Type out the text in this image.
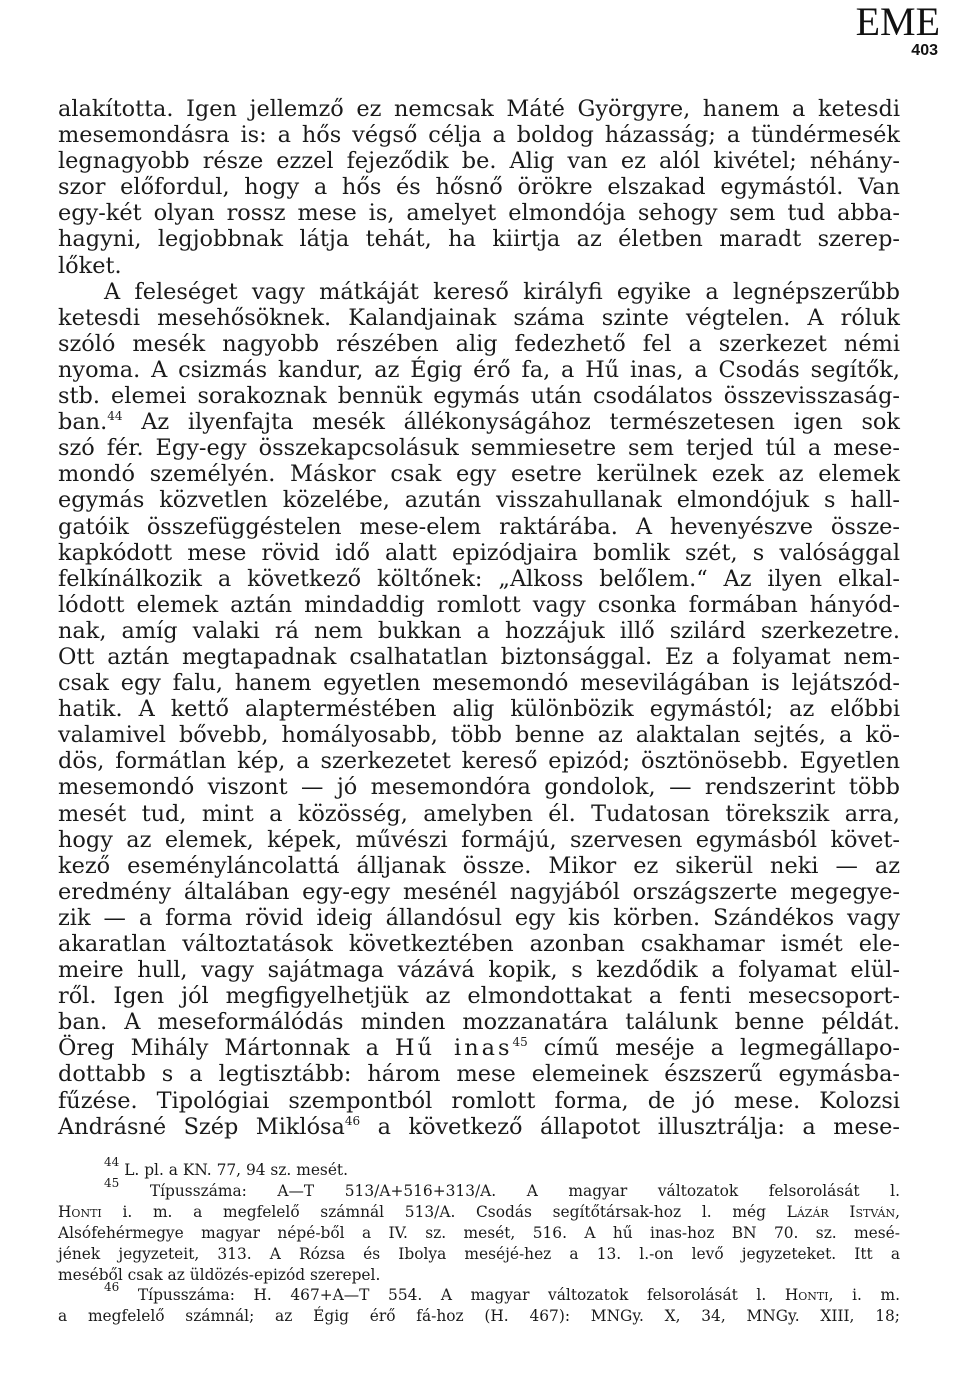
EME
403

alakította. Igen jellemző ez nemcsak Máté Györgyre, hanem a ketesdi

mesemondásra is: a hős végső célja a boldog házasság; a tündérmesék

legnagyobb része ezzel fejeződik be. Alig van ez alól kivétel; néhány-

szor előfordul, hogy a hős és hősnő örökre elszakad egymástól. Van

egy-két olyan rossz mese is, amelyet elmondója sehogy sem tud abba-

hagyni, legjobbnak látja tehát, ha kiirtja az életben maradt szerep-

lőket.

A feleséget vagy mátkáját kereső királyfi egyike a legnépszerűbb

ketesdi mesehősöknek. Kalandjainak száma szinte végtelen. A róluk

szóló mesék nagyobb részében alig fedezhető fel a szerkezet némi

nyoma. A csizmás kandur, az Égig érő fa, a Hű inas, a Csodás segítők,

stb. elemei sorakoznak bennük egymás után csodálatos összevisszaság-

ban.$^{44}$ Az ilyenfajta mesék állékonyságához természetesen igen sok

szó fér. Egy-egy összekapcsolásuk semmiesetre sem terjed túl a mese-

mondó személyén. Máskor csak egy esetre kerülnek ezek az elemek

egymás közvetlen közelébe, azután visszahullanak elmondójuk s hall-

gatóik összefüggéstelen mese-elem raktárába. A hevenyészve össze-

kapkódott mese rövid idő alatt epizódjaira bomlik szét, s valósággal

felkínálkozik a következő költőnek: „Alkoss belőlem.“ Az ilyen elkal-

lódott elemek aztán mindaddig romlott vagy csonka formában hányód-

nak, amíg valaki rá nem bukkan a hozzájuk illő szilárd szerkezetre.

Ott aztán megtapadnak csalhatatlan biztonsággal. Ez a folyamat nem-

csak egy falu, hanem egyetlen mesemondó mesevilágában is lejátszód-

hatik. A kettő alapterméstében alig különbözik egymástól; az előbbi

valamivel bővebb, homályosabb, több benne az alaktalan sejtés, a kö-

dös, formátlan kép, a szerkezetet kereső epizód; ösztönösebb. Egyetlen

mesemondó viszont — jó mesemondóra gondolok, — rendszerint több

mesét tud, mint a közösség, amelyben él. Tudatosan törekszik arra,

hogy az elemek, képek, művészi formájú, szervesen egymásból követ-

kező eseményláncolattá álljanak össze. Mikor ez sikerül neki — az

eredmény általában egy-egy mesénél nagyjából országszerte megegye-

zik — a forma rövid ideig állandósul egy kis körben. Szándékos vagy

akaratlan változtatások következtében azonban csakhamar ismét ele-

meire hull, vagy sajátmaga vázává kopik, s kezdődik a folyamat elül-

ről. Igen jól megfigyelhetjük az elmondottakat a fenti mesecsoport-

ban. A meseformálódás minden mozzanatára találunk benne példát.

Öreg Mihály Mártonnak a Hű inas$^{45}$ című meséje a legmegállapo-

dottabb s a legtisztább: három mese elemeinek észszerű egymásba-

fűzése. Tipológiai szempontból romlott forma, de jó mese. Kolozsi

Andrásné Szép Miklósa$^{46}$ a következő állapotot illusztrálja: a mese-

$^{44}$ L. pl. a KN. 77, 94 sz. mesét.

$^{45}$ Típusszáma: A—T 513/A+516+313/A. A magyar változatok felsorolását l.

Honti i. m. a megfelelő számnál 513/A. Csodás segítőtársak-hoz l. még Lázár István,

Alsófehérmegye magyar népé-ből a IV. sz. mesét, 516. A hű inas-hoz BN 70. sz. mesé-

jének jegyzeteit, 313. A Rózsa és Ibolya meséjé-hez a 13. l.-on levő jegyzeteket. Itt a

meséből csak az üldözés-epizód szerepel.

$^{46}$ Típusszáma: H. 467+A—T 554. A magyar változatok felsorolását l. Honti, i. m.

a megfelelő számnál; az Égig érő fá-hoz (H. 467): MNGy. X, 34, MNGy. XIII, 18;
